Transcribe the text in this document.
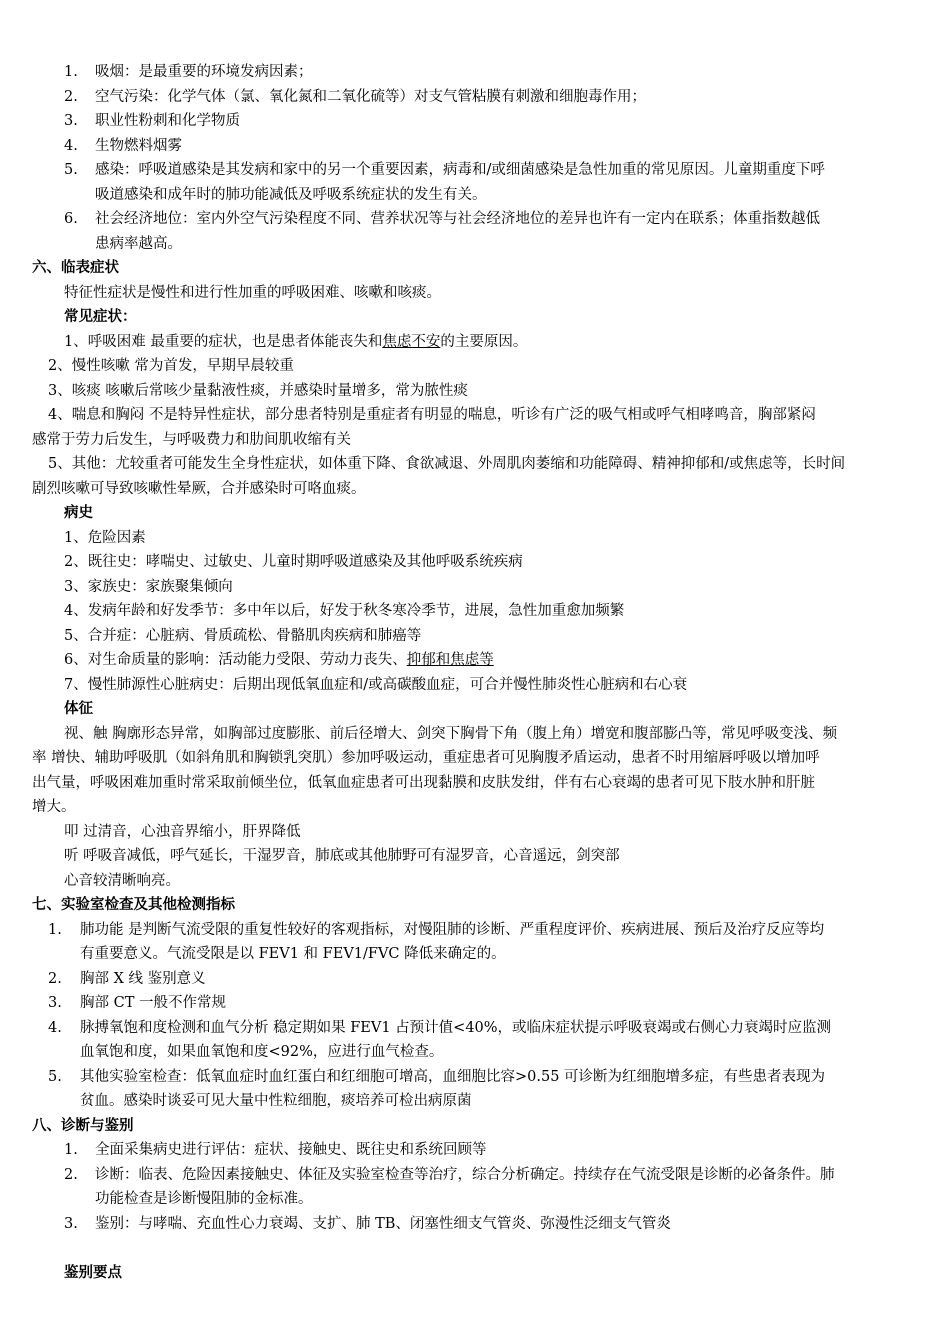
1. 吸烟：是最重要的环境发病因素；
2. 空气污染：化学气体（氯、氧化氮和二氧化硫等）对支气管粘膜有刺激和细胞毒作用；
3. 职业性粉刺和化学物质
4. 生物燃料烟雾
5. 感染：呼吸道感染是其发病和家中的另一个重要因素，病毒和/或细菌感染是急性加重的常见原因。儿童期重度下呼
吸道感染和成年时的肺功能减低及呼吸系统症状的发生有关。
6. 社会经济地位：室内外空气污染程度不同、营养状况等与社会经济地位的差异也许有一定内在联系；体重指数越低
患病率越高。
六、临表症状
特征性症状是慢性和进行性加重的呼吸困难、咳嗽和咳痰。
常见症状：
1、呼吸困难 最重要的症状，也是患者体能丧失和焦虑不安的主要原因。
2、慢性咳嗽 常为首发，早期早晨较重
3、咳痰 咳嗽后常咳少量黏液性痰，并感染时量增多，常为脓性痰
4、喘息和胸闷 不是特异性症状，部分患者特别是重症者有明显的喘息，听诊有广泛的吸气相或呼气相哮鸣音，胸部紧闷
感常于劳力后发生，与呼吸费力和肋间肌收缩有关
5、其他：尤较重者可能发生全身性症状，如体重下降、食欲减退、外周肌肉萎缩和功能障碍、精神抑郁和/或焦虑等，长时间
剧烈咳嗽可导致咳嗽性晕厥，合并感染时可咯血痰。
病史
1、危险因素
2、既往史：哮喘史、过敏史、儿童时期呼吸道感染及其他呼吸系统疾病
3、家族史：家族聚集倾向
4、发病年龄和好发季节：多中年以后，好发于秋冬寒冷季节，进展，急性加重愈加频繁
5、合并症：心脏病、骨质疏松、骨骼肌肉疾病和肺癌等
6、对生命质量的影响：活动能力受限、劳动力丧失、抑郁和焦虑等
7、慢性肺源性心脏病史：后期出现低氧血症和/或高碳酸血症，可合并慢性肺炎性心脏病和右心衰
体征
视、触 胸廓形态异常，如胸部过度膨胀、前后径增大、剑突下胸骨下角（腹上角）增宽和腹部膨凸等，常见呼吸变浅、频
率 增快、辅助呼吸肌（如斜角肌和胸锁乳突肌）参加呼吸运动，重症患者可见胸腹矛盾运动，患者不时用缩唇呼吸以增加呼
出气量，呼吸困难加重时常采取前倾坐位，低氧血症患者可出现黏膜和皮肤发绀，伴有右心衰竭的患者可见下肢水肿和肝脏
增大。
叩 过清音，心浊音界缩小，肝界降低
听 呼吸音减低，呼气延长，干湿罗音，肺底或其他肺野可有湿罗音，心音遥远，剑突部
心音较清晰响亮。
七、实验室检查及其他检测指标
1. 肺功能 是判断气流受限的重复性较好的客观指标，对慢阻肺的诊断、严重程度评价、疾病进展、预后及治疗反应等均
有重要意义。气流受限是以 FEV1 和 FEV1/FVC 降低来确定的。
2. 胸部 X 线 鉴别意义
3. 胸部 CT 一般不作常规
4. 脉搏氧饱和度检测和血气分析 稳定期如果 FEV1 占预计值<40%，或临床症状提示呼吸衰竭或右侧心力衰竭时应监测
血氧饱和度，如果血氧饱和度<92%，应进行血气检查。
5. 其他实验室检查：低氧血症时血红蛋白和红细胞可增高，血细胞比容>0.55 可诊断为红细胞增多症，有些患者表现为
贫血。感染时谈妥可见大量中性粒细胞，痰培养可检出病原菌
八、诊断与鉴别
1. 全面采集病史进行评估：症状、接触史、既往史和系统回顾等
2. 诊断：临表、危险因素接触史、体征及实验室检查等治疗，综合分析确定。持续存在气流受限是诊断的必备条件。肺
功能检查是诊断慢阻肺的金标准。
3. 鉴别：与哮喘、充血性心力衰竭、支扩、肺 TB、闭塞性细支气管炎、弥漫性泛细支气管炎
鉴别要点
